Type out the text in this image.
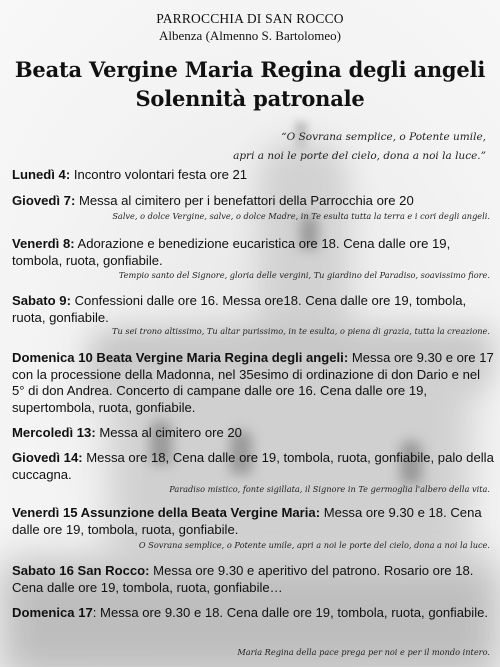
PARROCCHIA DI SAN ROCCO
Albenza (Almenno S. Bartolomeo)
Beata Vergine Maria Regina degli angeli
Solennità patronale
“O Sovrana semplice, o Potente umile,
apri a noi le porte del cielo, dona a noi la luce.”
Lunedì 4: Incontro volontari festa ore 21
Giovedì 7: Messa al cimitero per i benefattori della Parrocchia ore 20
Salve, o dolce Vergine, salve, o dolce Madre, in Te esulta tutta la terra e i cori degli angeli.
Venerdì 8: Adorazione e benedizione eucaristica ore 18. Cena dalle ore 19, tombola, ruota, gonfiabile.
Tempio santo del Signore, gloria delle vergini, Tu giardino del Paradiso, soavissimo fiore.
Sabato 9: Confessioni dalle ore 16. Messa ore18. Cena dalle ore 19, tombola, ruota, gonfiabile.
Tu sei trono altissimo, Tu altar purissimo, in te esulta, o piena di grazia, tutta la creazione.
Domenica 10 Beata Vergine Maria Regina degli angeli: Messa ore 9.30 e ore 17 con la processione della Madonna, nel 35esimo di ordinazione di don Dario e nel 5° di don Andrea. Concerto di campane dalle ore 16. Cena dalle ore 19, supertombola, ruota, gonfiabile.
Mercoledì 13: Messa al cimitero ore 20
Giovedì 14: Messa ore 18, Cena dalle ore 19, tombola, ruota, gonfiabile, palo della cuccagna.
Paradiso mistico, fonte sigillata, il Signore in Te germoglia l'albero della vita.
Venerdì 15 Assunzione della Beata Vergine Maria: Messa ore 9.30 e 18. Cena dalle ore 19, tombola, ruota, gonfiabile.
O Sovrana semplice, o Potente umile, apri a noi le porte del cielo, dona a noi la luce.
Sabato 16 San Rocco: Messa ore 9.30 e aperitivo del patrono. Rosario ore 18. Cena dalle ore 19, tombola, ruota, gonfiabile…
Domenica 17: Messa ore 9.30 e 18. Cena dalle ore 19, tombola, ruota, gonfiabile.
Maria Regina della pace prega per noi e per il mondo intero.
